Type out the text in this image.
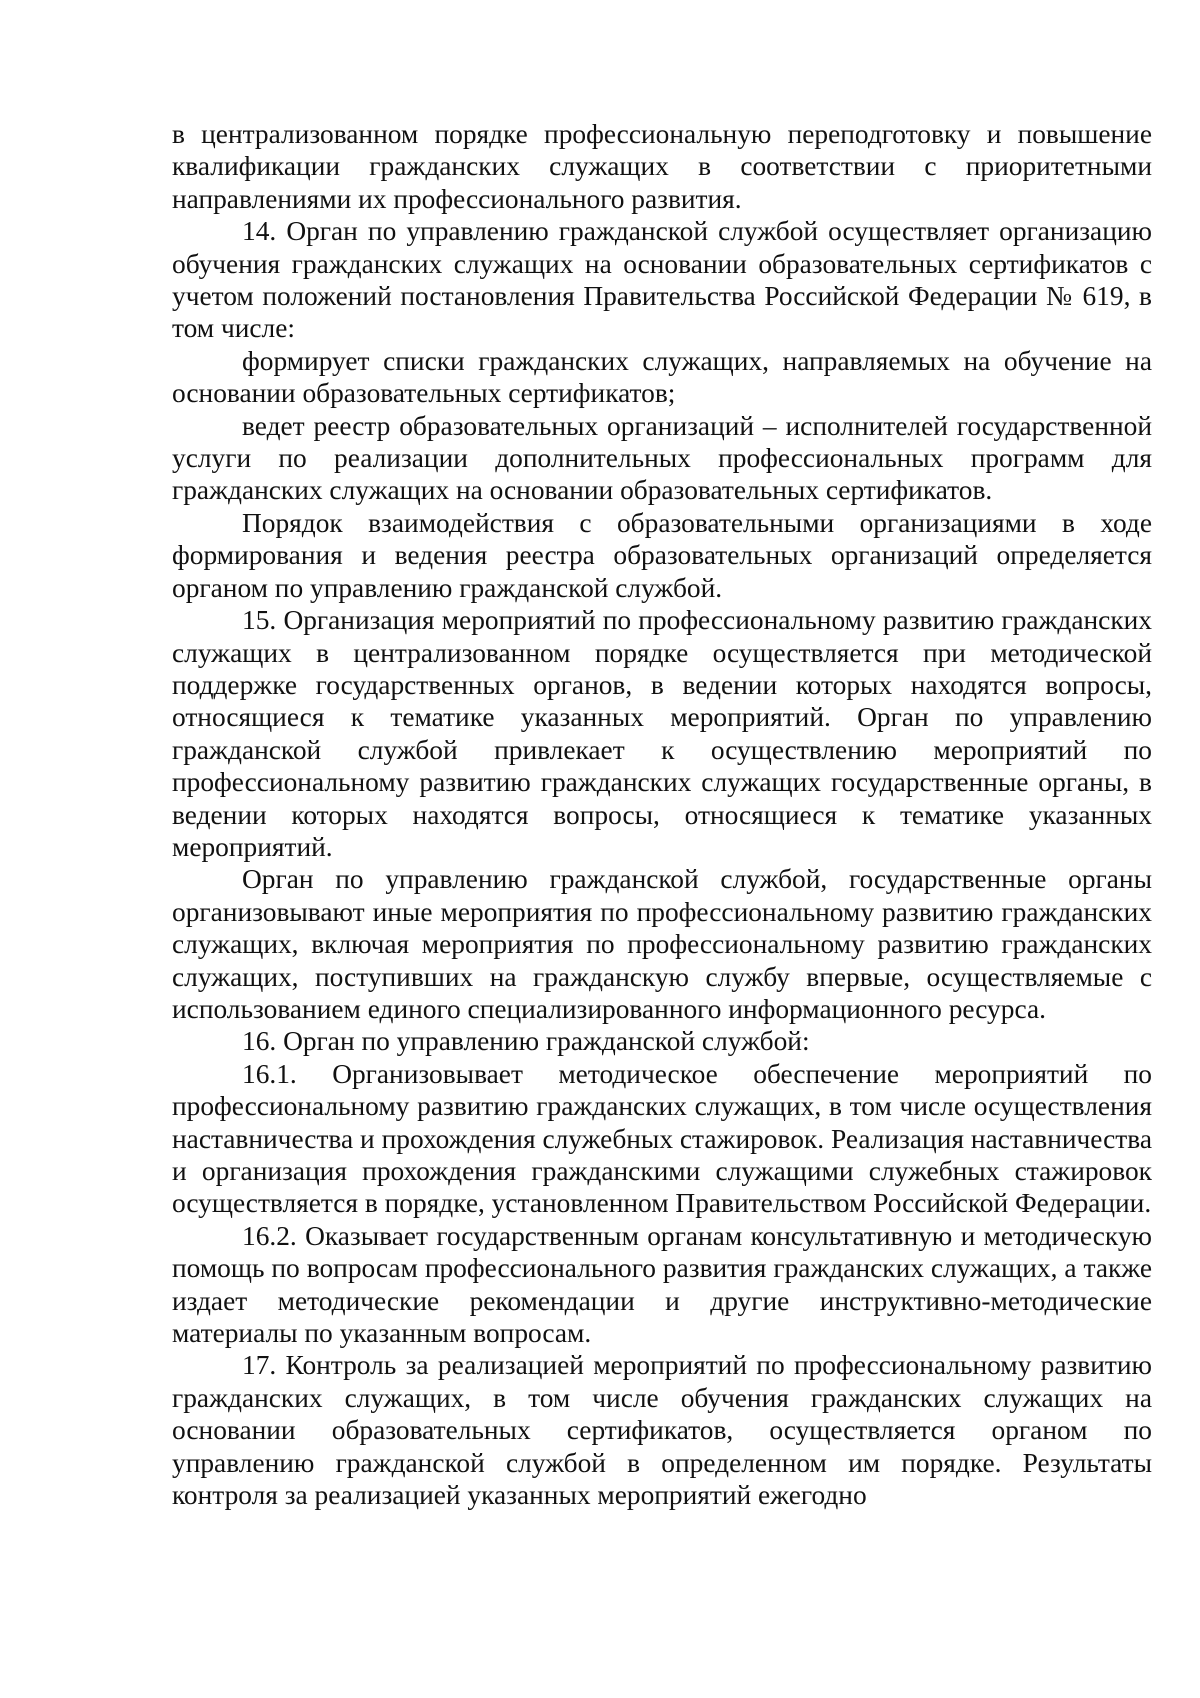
в централизованном порядке профессиональную переподготовку и повышение квалификации гражданских служащих в соответствии с приоритетными направлениями их профессионального развития.

14. Орган по управлению гражданской службой осуществляет организацию обучения гражданских служащих на основании образовательных сертификатов с учетом положений постановления Правительства Российской Федерации № 619, в том числе:

формирует списки гражданских служащих, направляемых на обучение на основании образовательных сертификатов;

ведет реестр образовательных организаций – исполнителей государственной услуги по реализации дополнительных профессиональных программ для гражданских служащих на основании образовательных сертификатов.

Порядок взаимодействия с образовательными организациями в ходе формирования и ведения реестра образовательных организаций определяется органом по управлению гражданской службой.

15. Организация мероприятий по профессиональному развитию гражданских служащих в централизованном порядке осуществляется при методической поддержке государственных органов, в ведении которых находятся вопросы, относящиеся к тематике указанных мероприятий. Орган по управлению гражданской службой привлекает к осуществлению мероприятий по профессиональному развитию гражданских служащих государственные органы, в ведении которых находятся вопросы, относящиеся к тематике указанных мероприятий.

Орган по управлению гражданской службой, государственные органы организовывают иные мероприятия по профессиональному развитию гражданских служащих, включая мероприятия по профессиональному развитию гражданских служащих, поступивших на гражданскую службу впервые, осуществляемые с использованием единого специализированного информационного ресурса.

16. Орган по управлению гражданской службой:

16.1. Организовывает методическое обеспечение мероприятий по профессиональному развитию гражданских служащих, в том числе осуществления наставничества и прохождения служебных стажировок. Реализация наставничества и организация прохождения гражданскими служащими служебных стажировок осуществляется в порядке, установленном Правительством Российской Федерации.

16.2. Оказывает государственным органам консультативную и методическую помощь по вопросам профессионального развития гражданских служащих, а также издает методические рекомендации и другие инструктивно-методические материалы по указанным вопросам.

17. Контроль за реализацией мероприятий по профессиональному развитию гражданских служащих, в том числе обучения гражданских служащих на основании образовательных сертификатов, осуществляется органом по управлению гражданской службой в определенном им порядке. Результаты контроля за реализацией указанных мероприятий ежегодно
